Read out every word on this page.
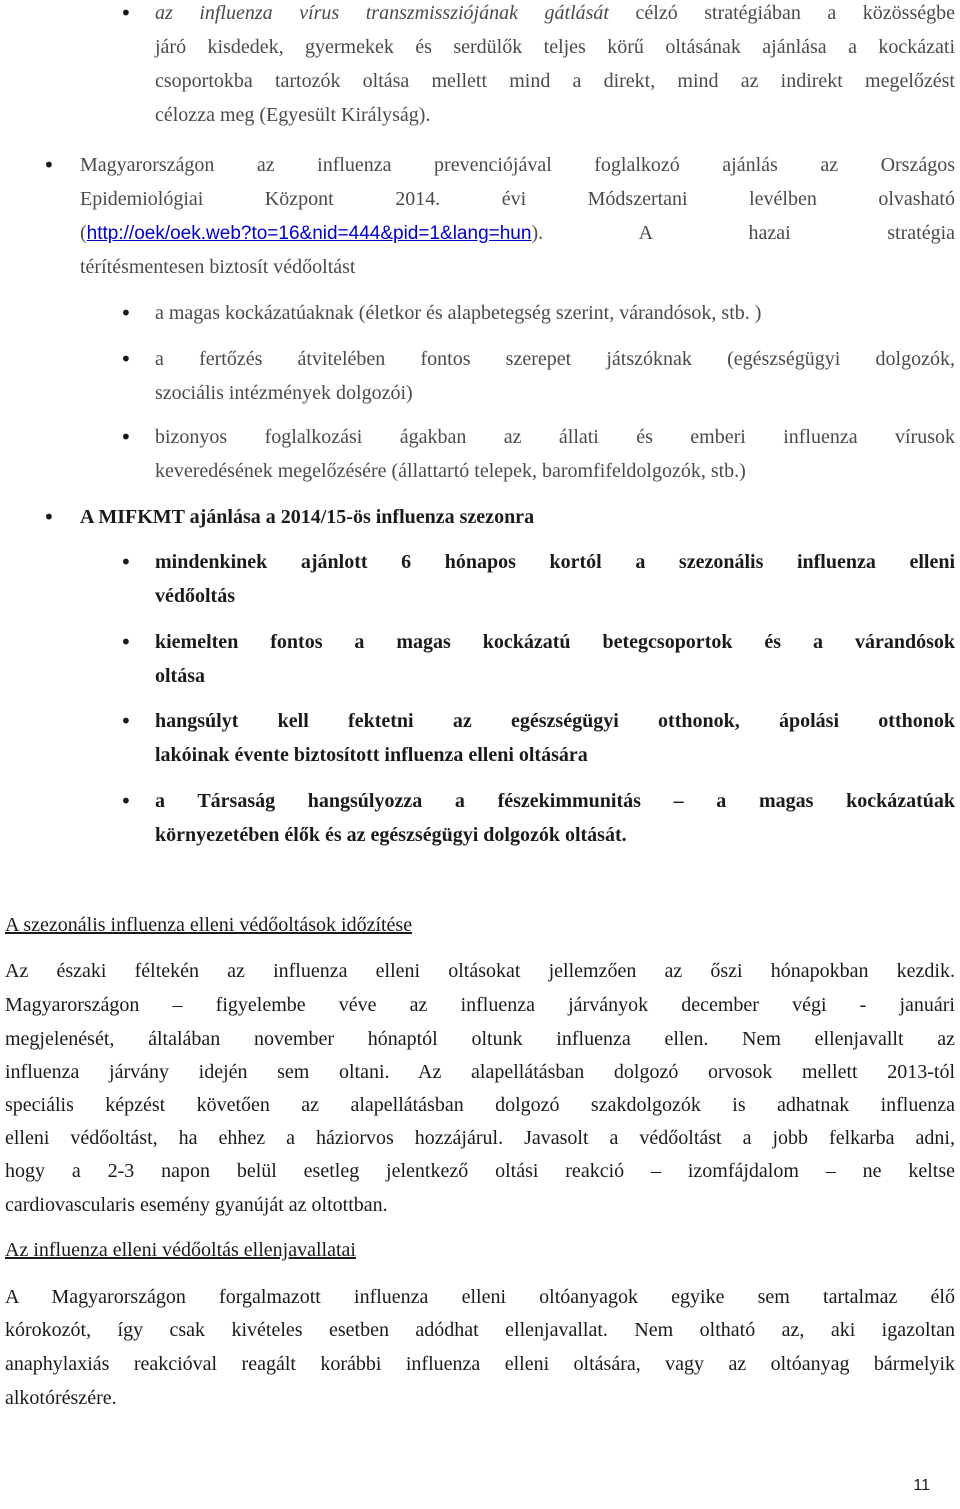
• az influenza vírus transzmissziójának gátlását célzó stratégiában a közösségbe
járó kisdedek, gyermekek és serdülők teljes körű oltásának ajánlása a kockázati
csoportokba tartozók oltása mellett mind a direkt, mind az indirekt megelőzést
célozza meg (Egyesült Királyság).
• Magyarországon az influenza prevenciójával foglalkozó ajánlás az Országos
Epidemiológiai Központ 2014. évi Módszertani levélben olvasható
(http://oek/oek.web?to=16&nid=444&pid=1&lang=hun). A hazai stratégia
térítésmentesen biztosít védőoltást
• a magas kockázatúaknak (életkor és alapbetegség szerint, várandósok, stb. )
• a fertőzés átvitelében fontos szerepet játszóknak (egészségügyi dolgozók,
szociális intézmények dolgozói)
• bizonyos foglalkozási ágakban az állati és emberi influenza vírusok
keveredésének megelőzésére (állattartó telepek, baromfifeldolgozók, stb.)
• A MIFKMT ajánlása a 2014/15-ös influenza szezonra
• mindenkinek ajánlott 6 hónapos kortól a szezonális influenza elleni
védőoltás
• kiemelten fontos a magas kockázatú betegcsoportok és a várandósok
oltása
• hangsúlyt kell fektetni az egészségügyi otthonok, ápolási otthonok
lakóinak évente biztosított influenza elleni oltására
• a Társaság hangsúlyozza a fészekimmunitás – a magas kockázatúak
környezetében élők és az egészségügyi dolgozók oltását.
A szezonális influenza elleni védőoltások időzítése
Az északi féltekén az influenza elleni oltásokat jellemzően az őszi hónapokban kezdik.
Magyarországon – figyelembe véve az influenza járványok december végi - januári
megjelenését, általában november hónaptól oltunk influenza ellen. Nem ellenjavallt az
influenza járvány idején sem oltani. Az alapellátásban dolgozó orvosok mellett 2013-tól
speciális képzést követően az alapellátásban dolgozó szakdolgozók is adhatnak influenza
elleni védőoltást, ha ehhez a háziorvos hozzájárul. Javasolt a védőoltást a jobb felkarba adni,
hogy a 2-3 napon belül esetleg jelentkező oltási reakció – izomfájdalom – ne keltse
cardiovascularis esemény gyanúját az oltottban.
Az influenza elleni védőoltás ellenjavallatai
A Magyarországon forgalmazott influenza elleni oltóanyagok egyike sem tartalmaz élő
kórokozót, így csak kivételes esetben adódhat ellenjavallat. Nem oltható az, aki igazoltan
anaphylaxiás reakcióval reagált korábbi influenza elleni oltására, vagy az oltóanyag bármelyik
alkotórészére.
11
